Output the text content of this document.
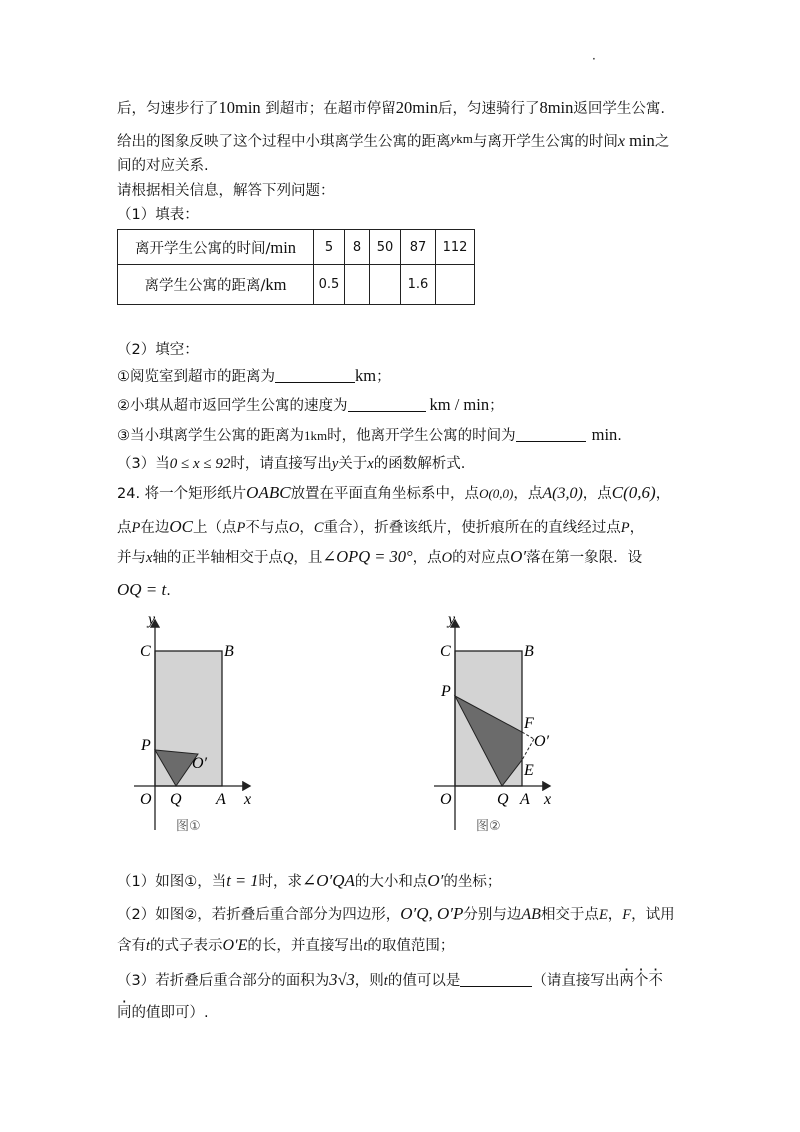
·
后，匀速步行了10min 到超市；在超市停留20min后，匀速骑行了8min返回学生公寓.
给出的图象反映了这个过程中小琪离学生公寓的距离ykm与离开学生公寓的时间x min之
间的对应关系.
请根据相关信息，解答下列问题：
（1）填表：
离开学生公寓的时间/min	5	8	50	87	112
离学生公寓的距离/km	0.5			1.6	
（2）填空：
①阅览室到超市的距离为	km；
②小琪从超市返回学生公寓的速度为	km / min；
③当小琪离学生公寓的距离为1km时，他离开学生公寓的时间为	min.
（3）当0 ≤ x ≤ 92时，请直接写出y关于x的函数解析式.
24. 将一个矩形纸片OABC放置在平面直角坐标系中，点O(0,0)，点A(3,0)，点C(0,6)，
点P在边OC上（点P不与点O，C重合），折叠该纸片，使折痕所在的直线经过点P，
并与x轴的正半轴相交于点Q，且∠OPQ = 30°，点O的对应点O′落在第一象限．设
OQ = t.
y
C	B
P
O′
O Q A x
图①
y
C	B
P
F
O′
E
O	Q A x
图②
（1）如图①，当t = 1时，求∠O′QA的大小和点O′的坐标；
（2）如图②，若折叠后重合部分为四边形，O′Q, O′P分别与边AB相交于点E，F，试用
含有t的式子表示O′E的长，并直接写出t的取值范围；
（3）若折叠后重合部分的面积为3√3，则t的值可以是	（请直接写出两个不
同的值即可）.
